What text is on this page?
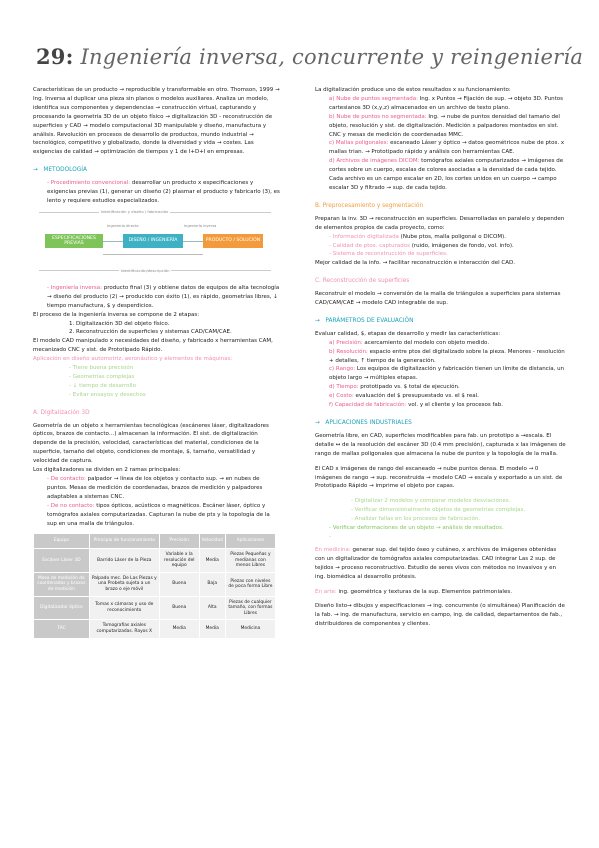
29: Ingeniería inversa, concurrente y reingeniería

Características de un producto → reproducible y transformable en otro. Thomson, 1999 → Ing. Inversa al duplicar una pieza sin planos o modelos auxiliares. Analiza un modelo, identifica sus componentes y dependencias → construcción virtual, capturando y procesando la geometría 3D de un objeto físico → digitalización 3D - reconstrucción de superficies y CAD → modelo computacional 3D manipulable y diseño, manufactura y análisis. Revolución en procesos de desarrollo de productos, mundo industrial → tecnológico, competitivo y globalizado, donde la diversidad y vida → costes. Las exigencias de calidad → optimización de tiempos y 1 de I+D+I en empresas.

→   METODOLOGÍA

- Procedimiento convencional: desarrollar un producto x especificaciones y exigencias previas (1), generar un diseño (2) plasmar el producto y fabricarlo (3), es lento y requiere estudios especializados.

Identificación y diseño / fabricación
Ingeniería directa	Ingeniería inversa
ESPECIFICACIONES PREVIAS
DISEÑO / INGENIERÍA	PRODUCTO / SOLUCIÓN
Identificación/descripción

- Ingeniería inversa: producto final (3) y obtiene datos de equipos de alta tecnología → diseño del producto (2) → producido con éxito (1), es rápido, geometrías libres, ↓ tiempo manufactura, $ y desperdicios.

El proceso de la ingeniería inversa se compone de 2 etapas:

1. Digitalización 3D del objeto físico.

2. Reconstrucción de superficies y sistemas CAD/CAM/CAE.

El modelo CAD manipulado x necesidades del diseño, y fabricado x herramientas CAM, mecanizado CNC y sist. de Prototipado Rápido.

Aplicación en diseño automotriz, aeronáutico y elementos de máquinas:

- Tiene buena precisión

- Geometrías complejas

- ↓ tiempo de desarrollo

- Evitar ensayos y desechos

A. Digitalización 3D

Geometría de un objeto x herramientas tecnológicas (escáneres láser, digitalizadores ópticos, brazos de contacto…) almacenan la información. El sist. de digitalización depende de la precisión, velocidad, características del material, condiciones de la superficie, tamaño del objeto, condiciones de montaje, $, tamaño, versatilidad y velocidad de captura.

Los digitalizadores se dividen en 2 ramas principales:

- De contacto: palpador → línea de los objetos y contacto sup. → en nubes de puntos. Mesas de medición de coordenadas, brazos de medición y palpadores adaptables a sistemas CNC.

- De no contacto: tipos ópticos, acústicos o magnéticos. Escáner láser, óptico y tomógrafos axiales computarizadas. Capturan la nube de pts y la topología de la sup en una malla de triángulos.

Equipo	Principio de funcionamiento	Precisión	Velocidad	Aplicaciones
Escáner Láser 3D	Barrido Láser de la Pieza	Variable x la resolución del equipo	Media	Piezas Pequeñas y medianas con menos Libres
Mesa de medición de coordenadas y brazos de medición	Palpado mec. De Las Piezas y una Probeta sujeta a un brazo o eje móvil	Buena	Baja	Piezas con niveles de poca forma Libre
Digitalizador óptico	Tomas x cámaras y uso de reconocimiento	Buena	Alta	Piezas de cualquier tamaño, con formas Libres
TAC	Tomografías axiales computarizadas. Rayos X	Media	Media	Medicina

La digitalización produce uno de estos resultados x su funcionamiento:

a) Nube de puntos segmentada: Ing. x Puntos → Fijación de sup. → objeto 3D. Puntos cartesianos 3D (x,y,z) almacenados en un archivo de texto plano.

b) Nube de puntos no segmentada: Ing. → nube de puntos densidad del tamaño del objeto, resolución y sist. de digitalización. Medición x palpadores montados en sist. CNC y mesas de medición de coordenadas MMC.

c) Mallas poligonales: escaneado Láser y óptico → datos geométricos nube de ptos. x mallas trian. → Prototipado rápido y análisis con herramientas CAE.

d) Archivos de imágenes DICOM: tomógrafos axiales computarizados → imágenes de cortes sobre un cuerpo, escalas de colores asociadas a la densidad de cada tejido. Cada archivo es un campo escalar en 2D, los cortes unidos en un cuerpo → campo escalar 3D y filtrado → sup. de cada tejido.

B. Preprocesamiento y segmentación

Preparan la inv. 3D → reconstrucción en superficies. Desarrolladas en paralelo y dependen de elementos propios de cada proyecto, como:

- Información digitalizada (Nube ptos, malla poligonal o DICOM).

- Calidad de ptos. capturados (ruido, imágenes de fondo, vol. info).

- Sistema de reconstrucción de superficies.

Mejor calidad de la info. → facilitar reconstrucción e interacción del CAD.

C. Reconstrucción de superficies

Reconstruir el modelo → conversión de la malla de triángulos a superficies para sistemas CAD/CAM/CAE → modelo CAD integrable de sup.

→   PARÁMETROS DE EVALUACIÓN

Evaluar calidad, $, etapas de desarrollo y medir las características:

a) Precisión: acercamiento del modelo con objeto medido.

b) Resolución: espacio entre ptos del digitalizado sobre la pieza. Menores - resolución + detalles, ↑ tiempo de la generación.

c) Rango: Los equipos de digitalización y fabricación tienen un límite de distancia, un objeto largo → múltiples etapas.

d) Tiempo: prototipado vs. $ total de ejecución.

e) Costo: evaluación del $ presupuestado vs. el $ real.

f) Capacidad de fabricación: vol. y el cliente y los procesos fab.

→   APLICACIONES INDUSTRIALES

Geometría libre, en CAD, superficies modificables para fab. un prototipo a →escala. El detalle ↔ de la resolución del escáner 3D (0.4 mm precisión), capturada x las imágenes de rango de mallas poligonales que almacena la nube de puntos y la topología de la malla.

El CAD x imágenes de rango del escaneado → nube puntos densa. El modelo → 0 imágenes de rango → sup. reconstruida → modelo CAD → escala y exportado a un sist. de Prototipado Rápido → imprime el objeto por capas.

- Digitalizar 2 modelos y comparar modelos desviaciones.

- Verificar dimensionalmente objetos de geometrías complejas.

- Analizar fallas en los procesos de fabricación.

- Verificar deformaciones de un objeto → análisis de resultados.

-

En medicina: generar sup. del tejido óseo y cutáneo, x archivos de imágenes obtenidas con un digitalizador de tomógrafos axiales computarizadas. CAD integrar Las 2 sup. de tejidos → proceso reconstructivo. Estudio de seres vivos con métodos no invasivos y en ing. biomédica al desarrollo prótesis.

En arte: ing. geométrica y texturas de la sup. Elementos patrimoniales.

Diseño listo→ dibujos y especificaciones → ing. concurrente (o simultánea) Planificación de la fab. → ing. de manufactura, servicio en campo, ing. de calidad, departamentos de fab., distribuidores de componentes y clientes.
